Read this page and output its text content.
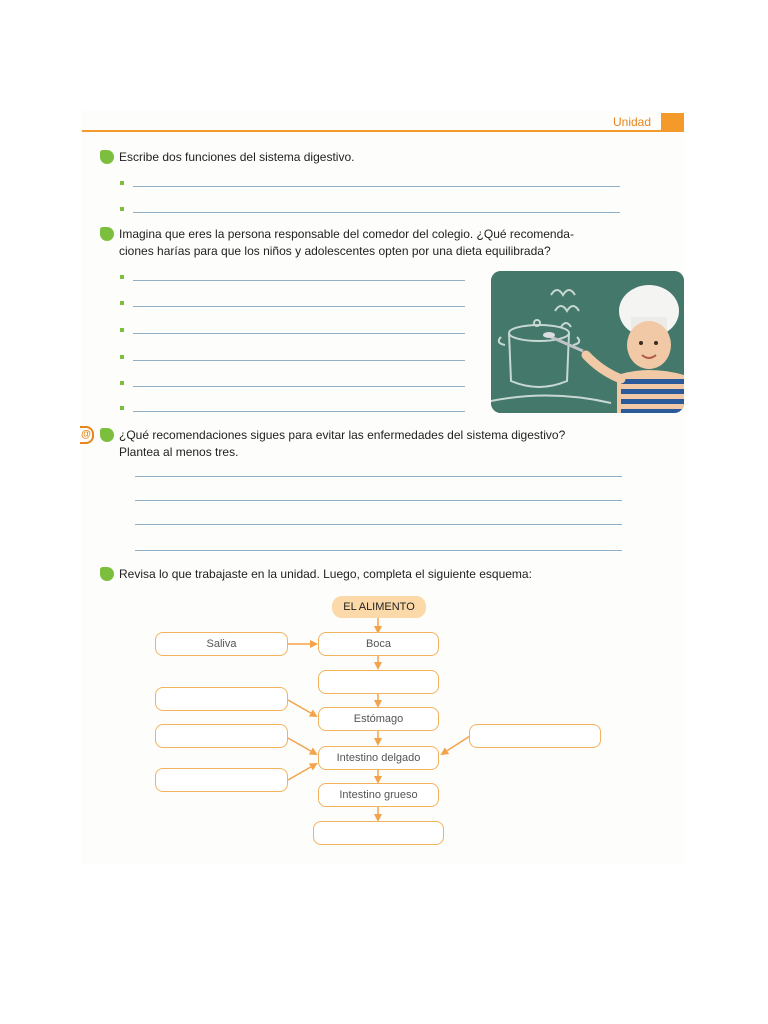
Unidad
Escribe dos funciones del sistema digestivo.
Imagina que eres la persona responsable del comedor del colegio. ¿Qué recomenda-
ciones harías para que los niños y adolescentes opten por una dieta equilibrada?
@ ¿Qué recomendaciones sigues para evitar las enfermedades del sistema digestivo?
Plantea al menos tres.
Revisa lo que trabajaste en la unidad. Luego, completa el siguiente esquema:
EL ALIMENTO
Saliva	Boca
Estómago
Intestino delgado
Intestino grueso
